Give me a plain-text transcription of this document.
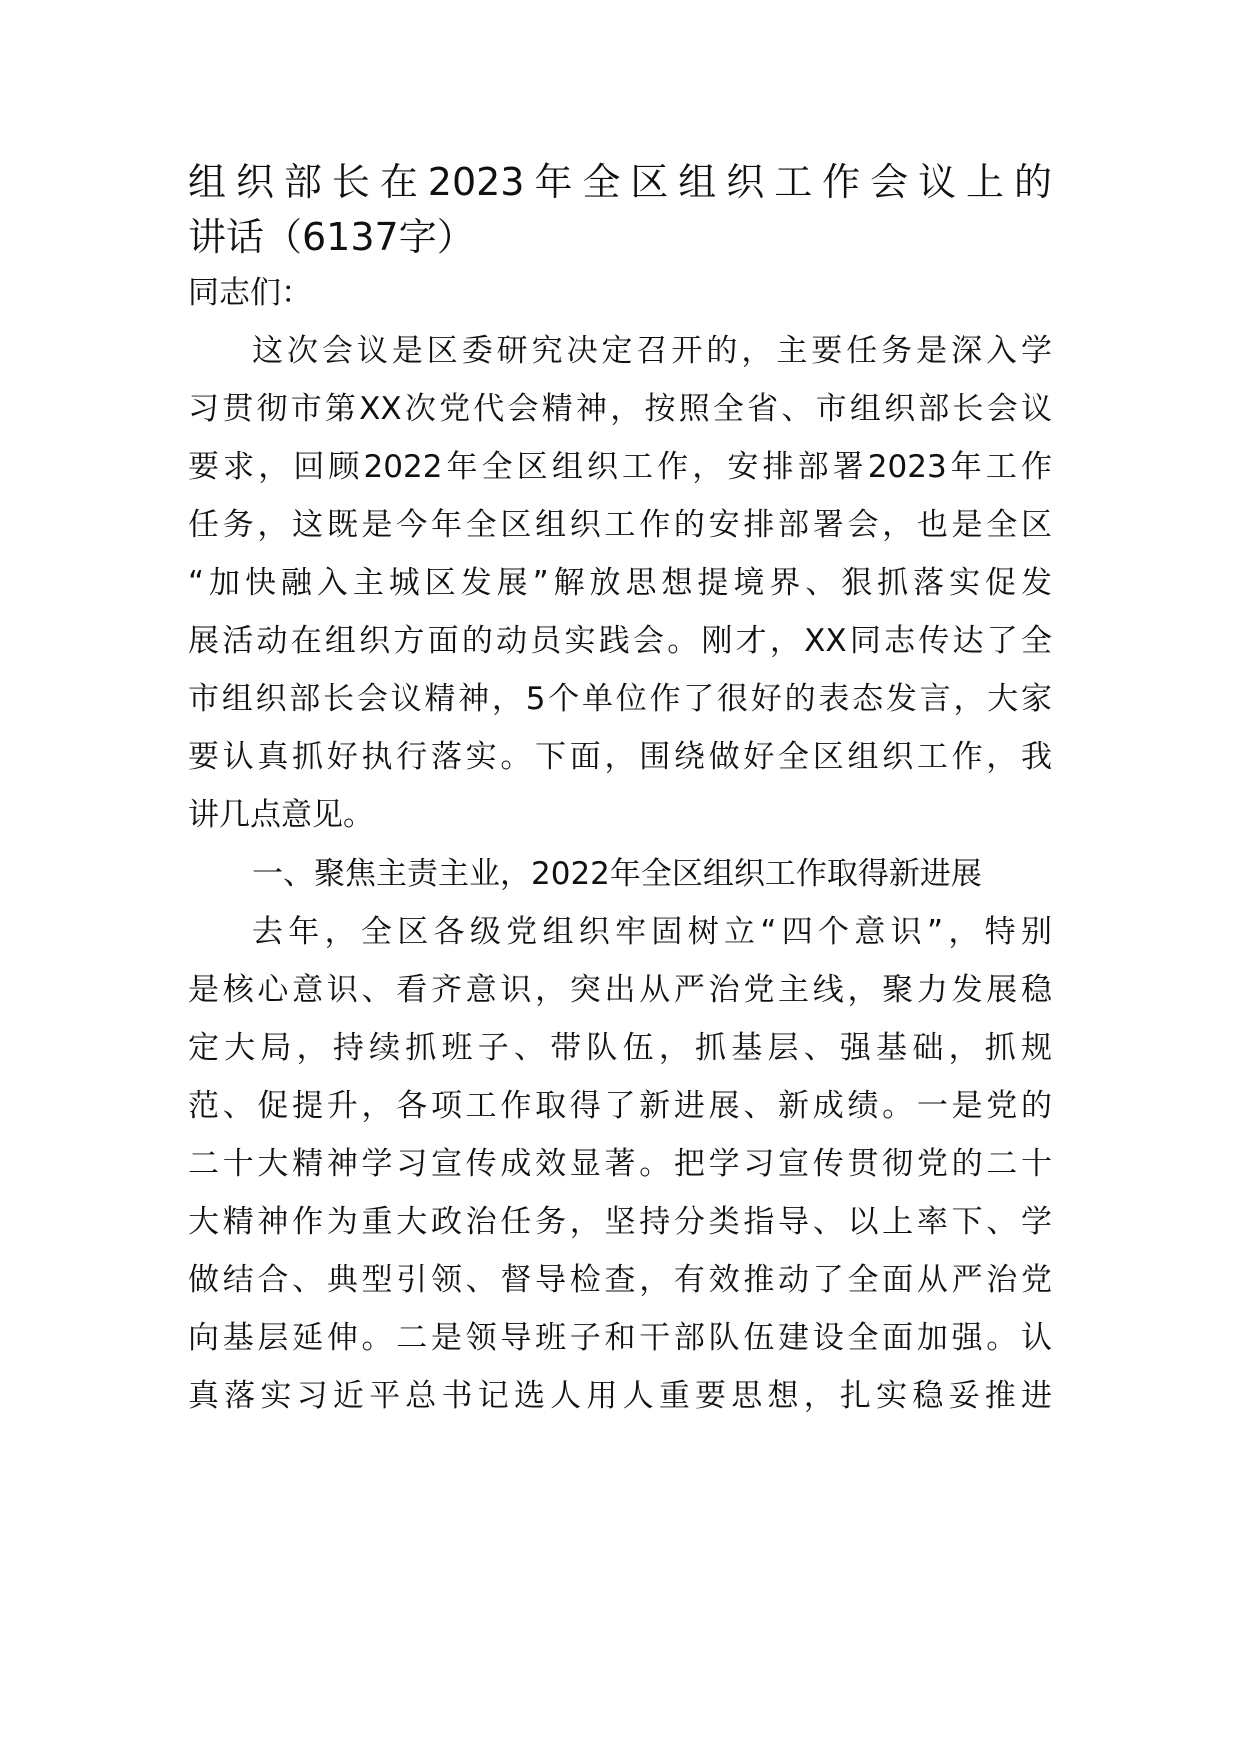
组织部长在2023年全区组织工作会议上的
讲话（6137字）
同志们：
这次会议是区委研究决定召开的，主要任务是深入学
习贯彻市第XX次党代会精神，按照全省、市组织部长会议
要求，回顾2022年全区组织工作，安排部署2023年工作
任务，这既是今年全区组织工作的安排部署会，也是全区
“加快融入主城区发展”解放思想提境界、狠抓落实促发
展活动在组织方面的动员实践会。刚才，XX同志传达了全
市组织部长会议精神，5个单位作了很好的表态发言，大家
要认真抓好执行落实。下面，围绕做好全区组织工作，我
讲几点意见。
一、聚焦主责主业，2022年全区组织工作取得新进展
去年，全区各级党组织牢固树立“四个意识”，特别
是核心意识、看齐意识，突出从严治党主线，聚力发展稳
定大局，持续抓班子、带队伍，抓基层、强基础，抓规
范、促提升，各项工作取得了新进展、新成绩。一是党的
二十大精神学习宣传成效显著。把学习宣传贯彻党的二十
大精神作为重大政治任务，坚持分类指导、以上率下、学
做结合、典型引领、督导检查，有效推动了全面从严治党
向基层延伸。二是领导班子和干部队伍建设全面加强。认
真落实习近平总书记选人用人重要思想，扎实稳妥推进
